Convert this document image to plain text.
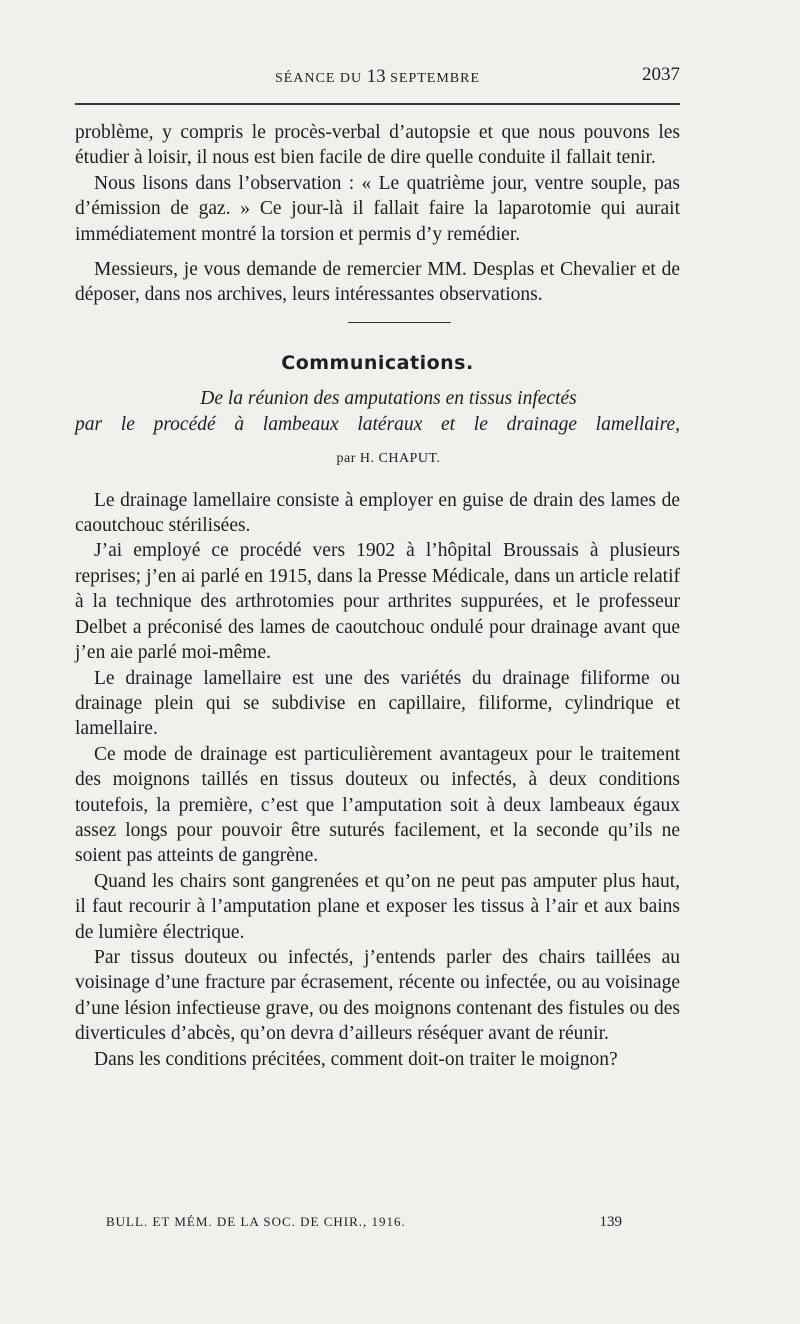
SÉANCE DU 13 SEPTEMBRE	2037

problème, y compris le procès-verbal d’autopsie et que nous pouvons les étudier à loisir, il nous est bien facile de dire quelle conduite il fallait tenir.

Nous lisons dans l’observation : « Le quatrième jour, ventre souple, pas d’émission de gaz. » Ce jour-là il fallait faire la laparotomie qui aurait immédiatement montré la torsion et permis d’y remédier.

Messieurs, je vous demande de remercier MM. Desplas et Chevalier et de déposer, dans nos archives, leurs intéressantes observations.

Communications.
De la réunion des amputations en tissus infectés
par le procédé à lambeaux latéraux et le drainage lamellaire,
par H. CHAPUT.

Le drainage lamellaire consiste à employer en guise de drain des lames de caoutchouc stérilisées.

J’ai employé ce procédé vers 1902 à l’hôpital Broussais à plusieurs reprises; j’en ai parlé en 1915, dans la Presse Médicale, dans un article relatif à la technique des arthrotomies pour arthrites suppurées, et le professeur Delbet a préconisé des lames de caoutchouc ondulé pour drainage avant que j’en aie parlé moi-même.

Le drainage lamellaire est une des variétés du drainage filiforme ou drainage plein qui se subdivise en capillaire, filiforme, cylindrique et lamellaire.

Ce mode de drainage est particulièrement avantageux pour le traitement des moignons taillés en tissus douteux ou infectés, à deux conditions toutefois, la première, c’est que l’amputation soit à deux lambeaux égaux assez longs pour pouvoir être suturés facilement, et la seconde qu’ils ne soient pas atteints de gangrène.

Quand les chairs sont gangrenées et qu’on ne peut pas amputer plus haut, il faut recourir à l’amputation plane et exposer les tissus à l’air et aux bains de lumière électrique.

Par tissus douteux ou infectés, j’entends parler des chairs taillées au voisinage d’une fracture par écrasement, récente ou infectée, ou au voisinage d’une lésion infectieuse grave, ou des moignons contenant des fistules ou des diverticules d’abcès, qu’on devra d’ailleurs réséquer avant de réunir.

Dans les conditions précitées, comment doit-on traiter le moignon?

BULL. ET MÉM. DE LA SOC. DE CHIR., 1916.	139
